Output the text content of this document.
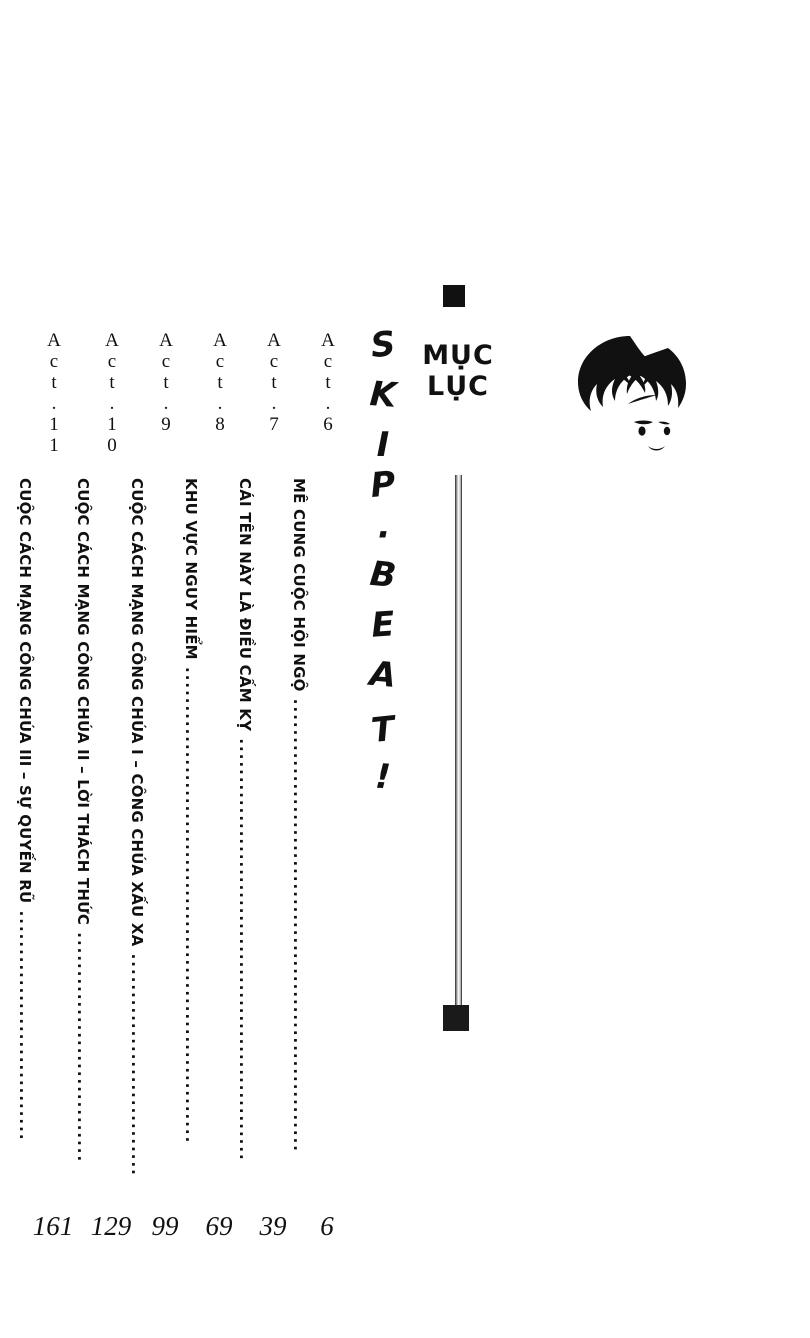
MỤC LỤC
S
K
I
P
·
B
E
A
T
!
A
c
t
.
6
MÊ CUNG CUỘC HỘI NGỘ ...........................................................
6
A
c
t
.
7
CÁI TÊN NÀY LÀ ĐIỀU CẤM KỴ .......................................................
39
A
c
t
.
8
KHU VỰC NGUY HIỂM ..............................................................
69
A
c
t
.
9
CUỘC CÁCH MẠNG CÔNG CHÚA I – CÔNG CHÚA XẤU XA .............................
99
A
c
t
.
1
0
CUỘC CÁCH MẠNG CÔNG CHÚA II – LỜI THÁCH THỨC ..............................
129
A
c
t
.
1
1
CUỘC CÁCH MẠNG CÔNG CHÚA III – SỰ QUYẾN RŨ ..............................
161
